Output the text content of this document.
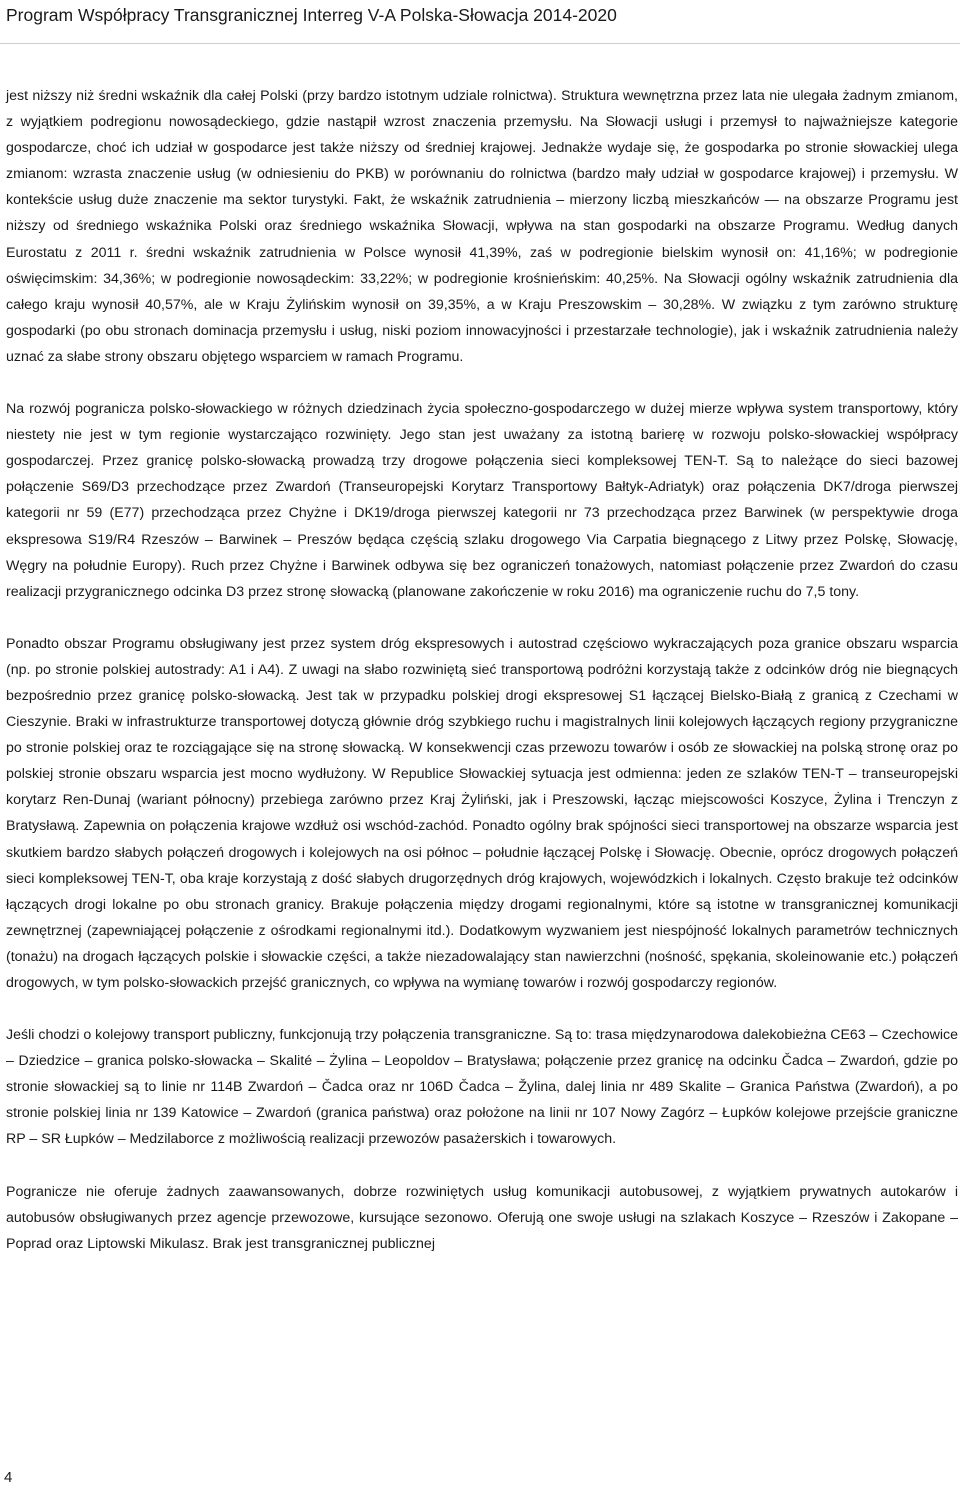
Program Współpracy Transgranicznej Interreg V-A Polska-Słowacja 2014-2020

jest niższy niż średni wskaźnik dla całej Polski (przy bardzo istotnym udziale rolnictwa). Struktura wewnętrzna przez lata nie ulegała żadnym zmianom, z wyjątkiem podregionu nowosądeckiego, gdzie nastąpił wzrost znaczenia przemysłu. Na Słowacji usługi i przemysł to najważniejsze kategorie gospodarcze, choć ich udział w gospodarce jest także niższy od średniej krajowej. Jednakże wydaje się, że gospodarka po stronie słowackiej ulega zmianom: wzrasta znaczenie usług (w odniesieniu do PKB) w porównaniu do rolnictwa (bardzo mały udział w gospodarce krajowej) i przemysłu. W kontekście usług duże znaczenie ma sektor turystyki. Fakt, że wskaźnik zatrudnienia – mierzony liczbą mieszkańców — na obszarze Programu jest niższy od średniego wskaźnika Polski oraz średniego wskaźnika Słowacji, wpływa na stan gospodarki na obszarze Programu. Według danych Eurostatu z 2011 r. średni wskaźnik zatrudnienia w Polsce wynosił 41,39%, zaś w podregionie bielskim wynosił on: 41,16%; w podregionie oświęcimskim: 34,36%; w podregionie nowosądeckim: 33,22%; w podregionie krośnieńskim: 40,25%. Na Słowacji ogólny wskaźnik zatrudnienia dla całego kraju wynosił 40,57%, ale w Kraju Żylińskim wynosił on 39,35%, a w Kraju Preszowskim – 30,28%. W związku z tym zarówno strukturę gospodarki (po obu stronach dominacja przemysłu i usług, niski poziom innowacyjności i przestarzałe technologie), jak i wskaźnik zatrudnienia należy uznać za słabe strony obszaru objętego wsparciem w ramach Programu.

Na rozwój pogranicza polsko-słowackiego w różnych dziedzinach życia społeczno-gospodarczego w dużej mierze wpływa system transportowy, który niestety nie jest w tym regionie wystarczająco rozwinięty. Jego stan jest uważany za istotną barierę w rozwoju polsko-słowackiej współpracy gospodarczej. Przez granicę polsko-słowacką prowadzą trzy drogowe połączenia sieci kompleksowej TEN-T. Są to należące do sieci bazowej połączenie S69/D3 przechodzące przez Zwardoń (Transeuropejski Korytarz Transportowy Bałtyk-Adriatyk) oraz połączenia DK7/droga pierwszej kategorii nr 59 (E77) przechodząca przez Chyżne i DK19/droga pierwszej kategorii nr 73 przechodząca przez Barwinek (w perspektywie droga ekspresowa S19/R4 Rzeszów – Barwinek – Preszów będąca częścią szlaku drogowego Via Carpatia biegnącego z Litwy przez Polskę, Słowację, Węgry na południe Europy). Ruch przez Chyżne i Barwinek odbywa się bez ograniczeń tonażowych, natomiast połączenie przez Zwardoń do czasu realizacji przygranicznego odcinka D3 przez stronę słowacką (planowane zakończenie w roku 2016) ma ograniczenie ruchu do 7,5 tony.

Ponadto obszar Programu obsługiwany jest przez system dróg ekspresowych i autostrad częściowo wykraczających poza granice obszaru wsparcia (np. po stronie polskiej autostrady: A1 i A4). Z uwagi na słabo rozwiniętą sieć transportową podróżni korzystają także z odcinków dróg nie biegnących bezpośrednio przez granicę polsko-słowacką. Jest tak w przypadku polskiej drogi ekspresowej S1 łączącej Bielsko-Białą z granicą z Czechami w Cieszynie. Braki w infrastrukturze transportowej dotyczą głównie dróg szybkiego ruchu i magistralnych linii kolejowych łączących regiony przygraniczne po stronie polskiej oraz te rozciągające się na stronę słowacką. W konsekwencji czas przewozu towarów i osób ze słowackiej na polską stronę oraz po polskiej stronie obszaru wsparcia jest mocno wydłużony. W Republice Słowackiej sytuacja jest odmienna: jeden ze szlaków TEN-T – transeuropejski korytarz Ren-Dunaj (wariant północny) przebiega zarówno przez Kraj Żyliński, jak i Preszowski, łącząc miejscowości Koszyce, Żylina i Trenczyn z Bratysławą. Zapewnia on połączenia krajowe wzdłuż osi wschód-zachód. Ponadto ogólny brak spójności sieci transportowej na obszarze wsparcia jest skutkiem bardzo słabych połączeń drogowych i kolejowych na osi północ – południe łączącej Polskę i Słowację. Obecnie, oprócz drogowych połączeń sieci kompleksowej TEN-T, oba kraje korzystają z dość słabych drugorzędnych dróg krajowych, wojewódzkich i lokalnych. Często brakuje też odcinków łączących drogi lokalne po obu stronach granicy. Brakuje połączenia między drogami regionalnymi, które są istotne w transgranicznej komunikacji zewnętrznej (zapewniającej połączenie z ośrodkami regionalnymi itd.). Dodatkowym wyzwaniem jest niespójność lokalnych parametrów technicznych (tonażu) na drogach łączących polskie i słowackie części, a także niezadowalający stan nawierzchni (nośność, spękania, skoleinowanie etc.) połączeń drogowych, w tym polsko-słowackich przejść granicznych, co wpływa na wymianę towarów i rozwój gospodarczy regionów.

Jeśli chodzi o kolejowy transport publiczny, funkcjonują trzy połączenia transgraniczne. Są to: trasa międzynarodowa dalekobieżna CE63 – Czechowice – Dziedzice – granica polsko-słowacka – Skalité – Żylina – Leopoldov – Bratysława; połączenie przez granicę na odcinku Čadca – Zwardoń, gdzie po stronie słowackiej są to linie nr 114B Zwardoń – Čadca oraz nr 106D Čadca – Žylina, dalej linia nr 489 Skalite – Granica Państwa (Zwardoń), a po stronie polskiej linia nr 139 Katowice – Zwardoń (granica państwa) oraz położone na linii nr 107 Nowy Zagórz – Łupków kolejowe przejście graniczne RP – SR Łupków – Medzilaborce z możliwością realizacji przewozów pasażerskich i towarowych.

Pogranicze nie oferuje żadnych zaawansowanych, dobrze rozwiniętych usług komunikacji autobusowej, z wyjątkiem prywatnych autokarów i autobusów obsługiwanych przez agencje przewozowe, kursujące sezonowo. Oferują one swoje usługi na szlakach Koszyce – Rzeszów i Zakopane – Poprad oraz Liptowski Mikulasz. Brak jest transgranicznej publicznej

4
